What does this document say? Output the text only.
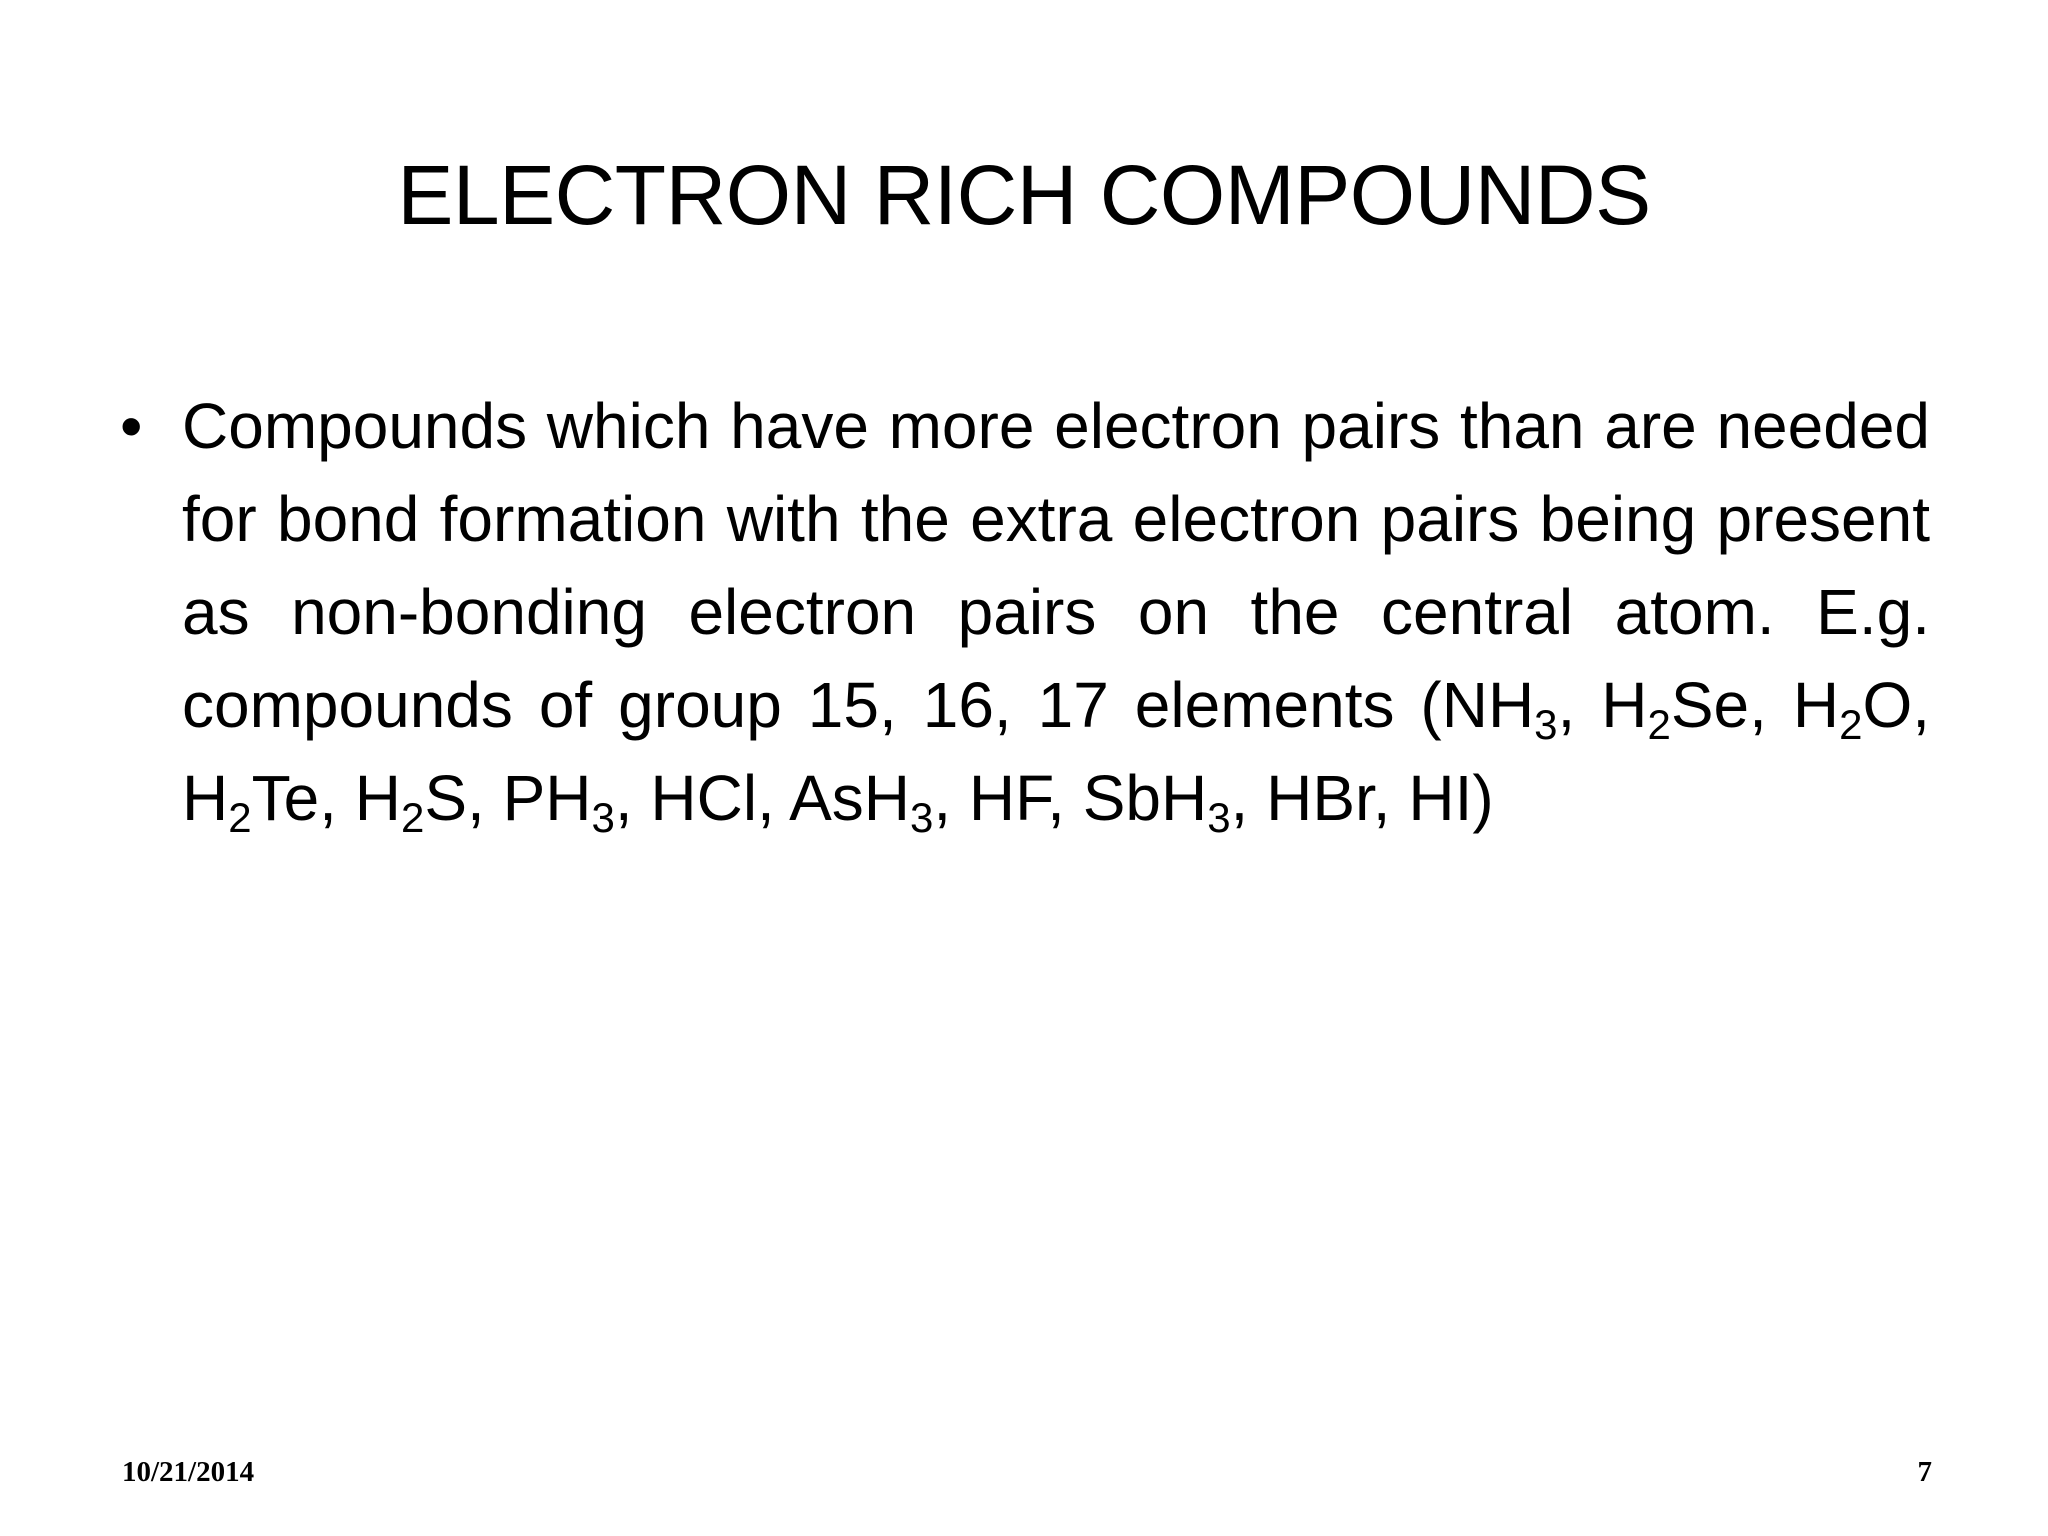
ELECTRON RICH COMPOUNDS
• Compounds which have more electron pairs than are needed for bond formation with the extra electron pairs being present as non-bonding electron pairs on the central atom. E.g. compounds of group 15, 16, 17 elements ($NH_3$, $H_2Se$, $H_2O$, $H_2Te$, $H_2S$, $PH_3$, HCl, AsH$_3$, HF, SbH$_3$, HBr, HI)
10/21/2014	7
